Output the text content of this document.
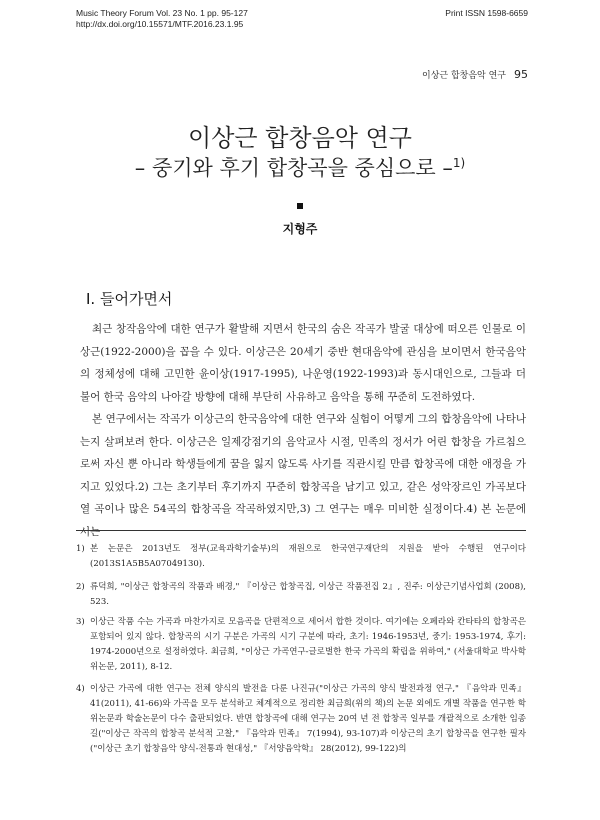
Music Theory Forum Vol. 23 No. 1 pp. 95-127
http://dx.doi.org/10.15571/MTF.2016.23.1.95
Print ISSN 1598-6659
이상근 합창음악 연구 95
이상근 합창음악 연구
– 중기와 후기 합창곡을 중심으로 –$^{1)}$
지형주
I. 들어가면서

최근 창작음악에 대한 연구가 활발해 지면서 한국의 숨은 작곡가 발굴 대상에 떠오른 인물로 이상근(1922-2000)을 꼽을 수 있다. 이상근은 20세기 중반 현대음악에 관심을 보이면서 한국음악의 정체성에 대해 고민한 윤이상(1917-1995), 나운영(1922-1993)과 동시대인으로, 그들과 더불어 한국 음악의 나아갈 방향에 대해 부단히 사유하고 음악을 통해 꾸준히 도전하였다.

본 연구에서는 작곡가 이상근의 한국음악에 대한 연구와 실험이 어떻게 그의 합창음악에 나타나는지 살펴보려 한다. 이상근은 일제강점기의 음악교사 시절, 민족의 정서가 어린 합창을 가르침으로써 자신 뿐 아니라 학생들에게 꿈을 잃지 않도록 사기를 직관시킬 만큼 합창곡에 대한 애정을 가지고 있었다.2) 그는 초기부터 후기까지 꾸준히 합창곡을 남기고 있고, 같은 성악장르인 가곡보다 열 곡이나 많은 54곡의 합창곡을 작곡하였지만,3) 그 연구는 매우 미비한 실정이다.4) 본 논문에서는

1) 본 논문은 2013년도 정부(교육과학기술부)의 재원으로 한국연구재단의 지원을 받아 수행된 연구이다 (2013S1A5B5A07049130).
2) 류덕희, "이상근 합창곡의 작품과 배경," 『이상근 합창곡집, 이상근 작품전집 2』, 진주: 이상근기념사업회 (2008), 523.
3) 이상근 작품 수는 가곡과 마찬가지로 모음곡을 단편적으로 세어서 합한 것이다. 여기에는 오페라와 칸타타의 합창곡은 포함되어 있지 않다. 합창곡의 시기 구분은 가곡의 시기 구분에 따라, 초기: 1946-1953년, 중기: 1953-1974, 후기: 1974-2000년으로 설정하였다. 최금희, "이상근 가곡연구-글로벌한 한국 가곡의 확립을 위하여," (서울대학교 박사학위논문, 2011), 8-12.
4) 이상근 가곡에 대한 연구는 전체 양식의 발전을 다룬 나진규("이상근 가곡의 양식 발전과정 연구," 『음악과 민족』 41(2011), 41-66)와 가곡을 모두 분석하고 체계적으로 정리한 최금희(위의 책)의 논문 외에도 개별 작품을 연구한 학위논문과 학술논문이 다수 출판되었다. 반면 합창곡에 대해 연구는 20여 년 전 합창곡 일부를 개괄적으로 소개한 임종길("이상근 작곡의 합창곡 분석적 고찰," 『음악과 민족』 7(1994), 93-107)과 이상근의 초기 합창곡을 연구한 필자("이상근 초기 합창음악 양식-전통과 현대성," 『서양음악학』 28(2012), 99-122)의
